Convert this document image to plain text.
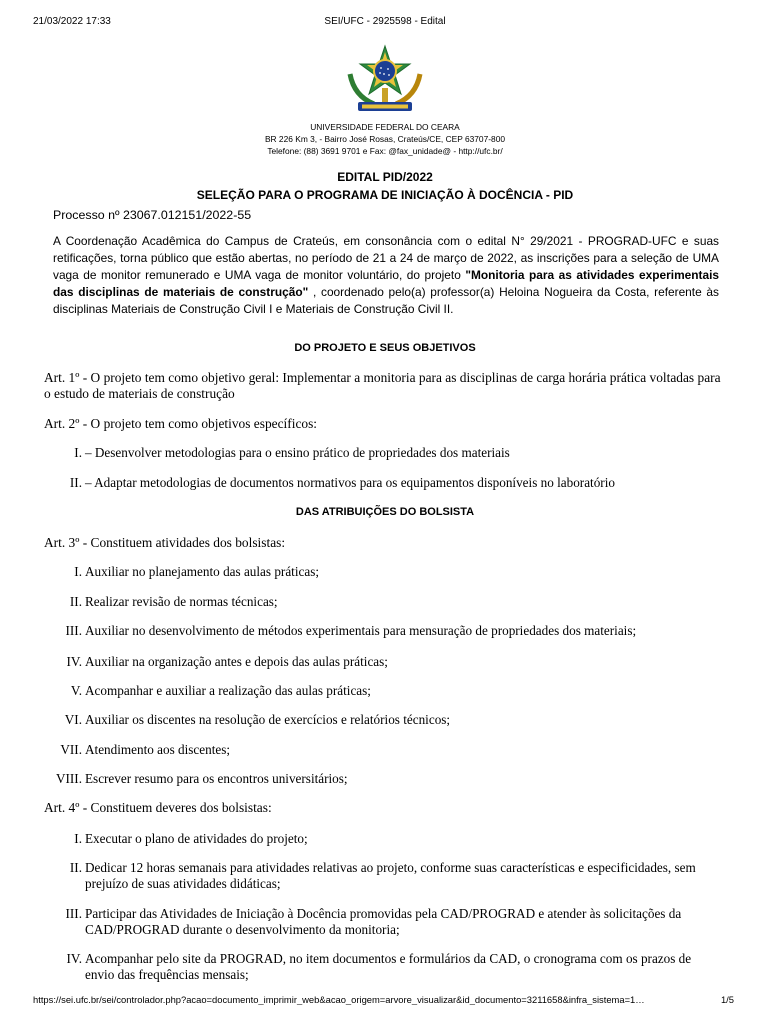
21/03/2022 17:33	SEI/UFC - 2925598 - Edital
UNIVERSIDADE FEDERAL DO CEARA
BR 226 Km 3, - Bairro José Rosas, Crateús/CE, CEP 63707-800
Telefone: (88) 3691 9701 e Fax: @fax_unidade@ - http://ufc.br/
EDITAL PID/2022
SELEÇÃO PARA O PROGRAMA DE INICIAÇÃO À DOCÊNCIA - PID
Processo nº 23067.012151/2022-55
A Coordenação Acadêmica do Campus de Crateús, em consonância com o edital N° 29/2021 - PROGRAD-UFC e suas retificações, torna público que estão abertas, no período de 21 a 24 de março de 2022, as inscrições para a seleção de UMA vaga de monitor remunerado e UMA vaga de monitor voluntário, do projeto "Monitoria para as atividades experimentais das disciplinas de materiais de construção" , coordenado pelo(a) professor(a) Heloina Nogueira da Costa, referente às disciplinas Materiais de Construção Civil I e Materiais de Construção Civil II.
DO PROJETO E SEUS OBJETIVOS
Art. 1º - O projeto tem como objetivo geral: Implementar a monitoria para as disciplinas de carga horária prática voltadas para o estudo de materiais de construção
Art. 2º - O projeto tem como objetivos específicos:
I. – Desenvolver metodologias para o ensino prático de propriedades dos materiais
II. – Adaptar metodologias de documentos normativos para os equipamentos disponíveis no laboratório
DAS ATRIBUIÇÕES DO BOLSISTA
Art. 3º - Constituem atividades dos bolsistas:
I. Auxiliar no planejamento das aulas práticas;
II. Realizar revisão de normas técnicas;
III. Auxiliar no desenvolvimento de métodos experimentais para mensuração de propriedades dos materiais;
IV. Auxiliar na organização antes e depois das aulas práticas;
V. Acompanhar e auxiliar a realização das aulas práticas;
VI. Auxiliar os discentes na resolução de exercícios e relatórios técnicos;
VII. Atendimento aos discentes;
VIII. Escrever resumo para os encontros universitários;
Art. 4º - Constituem deveres dos bolsistas:
I. Executar o plano de atividades do projeto;
II. Dedicar 12 horas semanais para atividades relativas ao projeto, conforme suas características e especificidades, sem prejuízo de suas atividades didáticas;
III. Participar das Atividades de Iniciação à Docência promovidas pela CAD/PROGRAD e atender às solicitações da CAD/PROGRAD durante o desenvolvimento da monitoria;
IV. Acompanhar pelo site da PROGRAD, no item documentos e formulários da CAD, o cronograma com os prazos de envio das frequências mensais;
https://sei.ufc.br/sei/controlador.php?acao=documento_imprimir_web&acao_origem=arvore_visualizar&id_documento=3211658&infra_sistema=1…	1/5
